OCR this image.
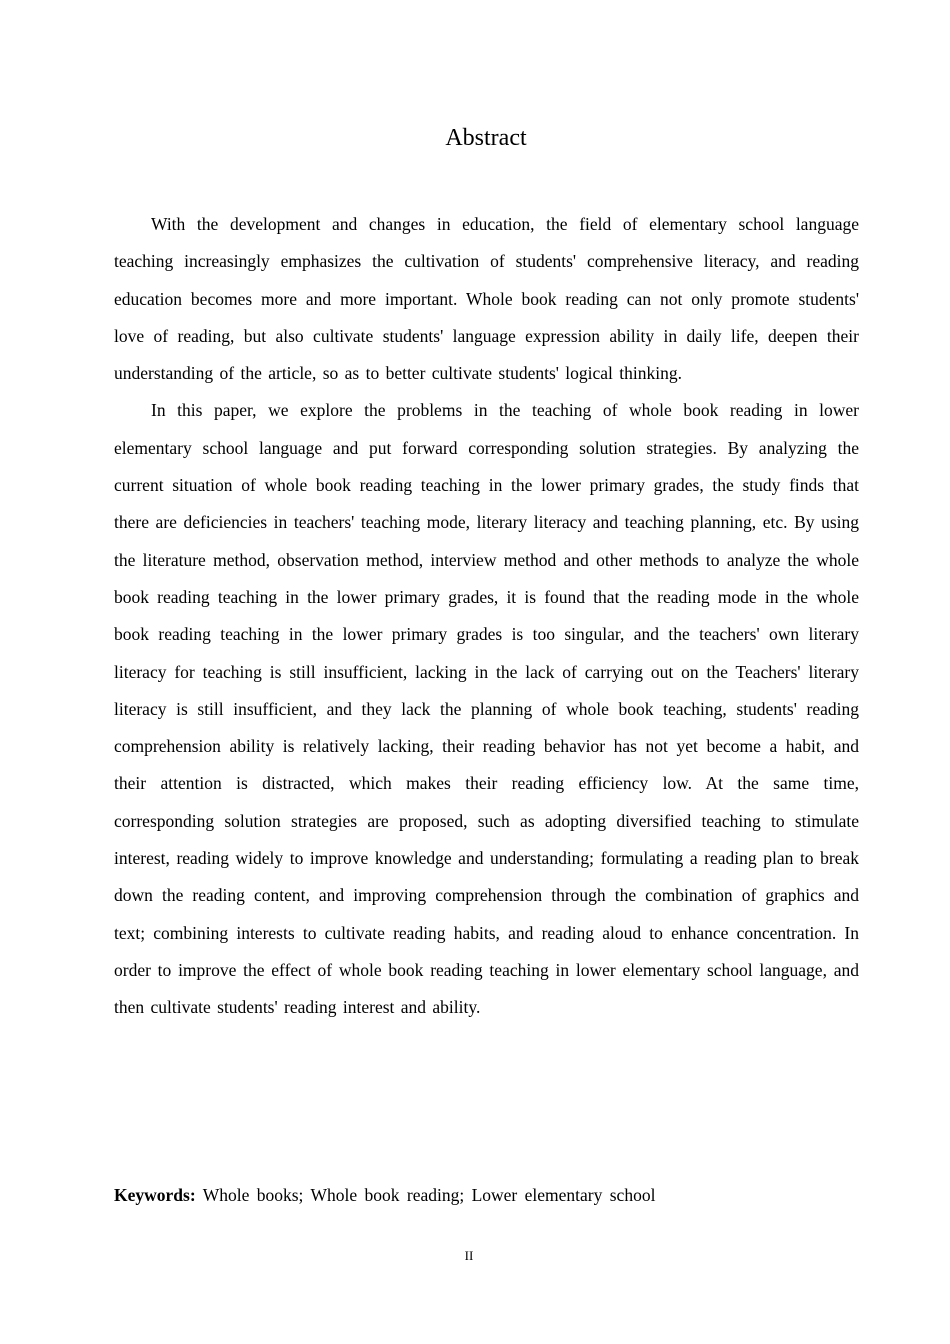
Abstract

With the development and changes in education, the field of elementary school language teaching increasingly emphasizes the cultivation of students' comprehensive literacy, and reading education becomes more and more important. Whole book reading can not only promote students' love of reading, but also cultivate students' language expression ability in daily life, deepen their understanding of the article, so as to better cultivate students' logical thinking.

In this paper, we explore the problems in the teaching of whole book reading in lower elementary school language and put forward corresponding solution strategies. By analyzing the current situation of whole book reading teaching in the lower primary grades, the study finds that there are deficiencies in teachers' teaching mode, literary literacy and teaching planning, etc. By using the literature method, observation method, interview method and other methods to analyze the whole book reading teaching in the lower primary grades, it is found that the reading mode in the whole book reading teaching in the lower primary grades is too singular, and the teachers' own literary literacy for teaching is still insufficient, lacking in the lack of carrying out on the Teachers' literary literacy is still insufficient, and they lack the planning of whole book teaching, students' reading comprehension ability is relatively lacking, their reading behavior has not yet become a habit, and their attention is distracted, which makes their reading efficiency low. At the same time, corresponding solution strategies are proposed, such as adopting diversified teaching to stimulate interest, reading widely to improve knowledge and understanding; formulating a reading plan to break down the reading content, and improving comprehension through the combination of graphics and text; combining interests to cultivate reading habits, and reading aloud to enhance concentration. In order to improve the effect of whole book reading teaching in lower elementary school language, and then cultivate students' reading interest and ability.

Keywords: Whole books; Whole book reading; Lower elementary school

II
